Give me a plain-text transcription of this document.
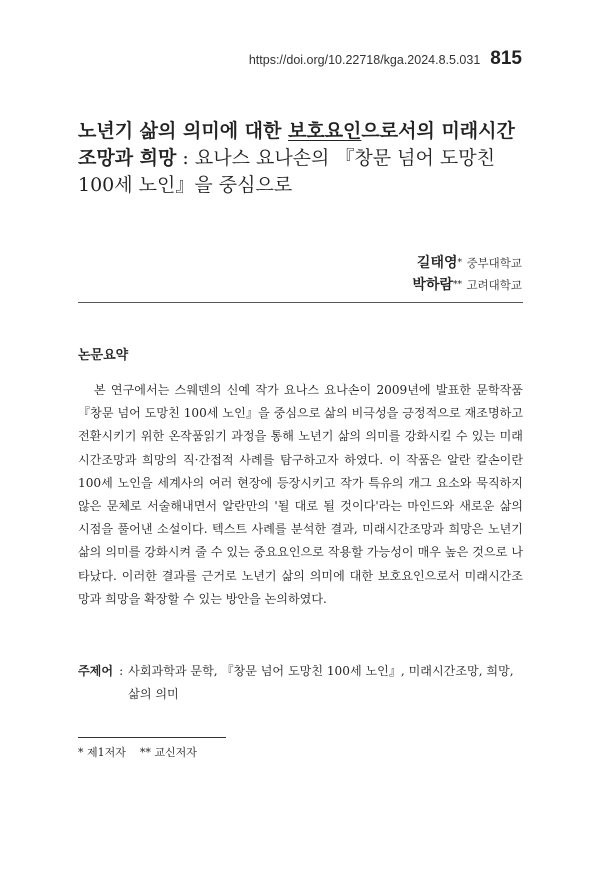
https://doi.org/10.22718/kga.2024.8.5.031 815
노년기 삶의 의미에 대한 보호요인으로서의 미래시간조망과 희망 : 요나스 요나손의 『창문 넘어 도망친 100세 노인』을 중심으로
길태영* 중부대학교
박하람** 고려대학교
논문요약

본 연구에서는 스웨덴의 신예 작가 요나스 요나손이 2009년에 발표한 문학작품 『창문 넘어 도망친 100세 노인』을 중심으로 삶의 비극성을 긍정적으로 재조명하고 전환시키기 위한 온작품읽기 과정을 통해 노년기 삶의 의미를 강화시킬 수 있는 미래시간조망과 희망의 직·간접적 사례를 탐구하고자 하였다. 이 작품은 알란 칼손이란 100세 노인을 세계사의 여러 현장에 등장시키고 작가 특유의 개그 요소와 묵직하지 않은 문체로 서술해내면서 알란만의 '될 대로 될 것이다'라는 마인드와 새로운 삶의 시점을 풀어낸 소설이다. 텍스트 사례를 분석한 결과, 미래시간조망과 희망은 노년기 삶의 의미를 강화시켜 줄 수 있는 중요요인으로 작용할 가능성이 매우 높은 것으로 나타났다. 이러한 결과를 근거로 노년기 삶의 의미에 대한 보호요인으로서 미래시간조망과 희망을 확장할 수 있는 방안을 논의하였다.

주제어 : 사회과학과 문학, 『창문 넘어 도망친 100세 노인』, 미래시간조망, 희망, 삶의 의미
* 제1저자 ** 교신저자
